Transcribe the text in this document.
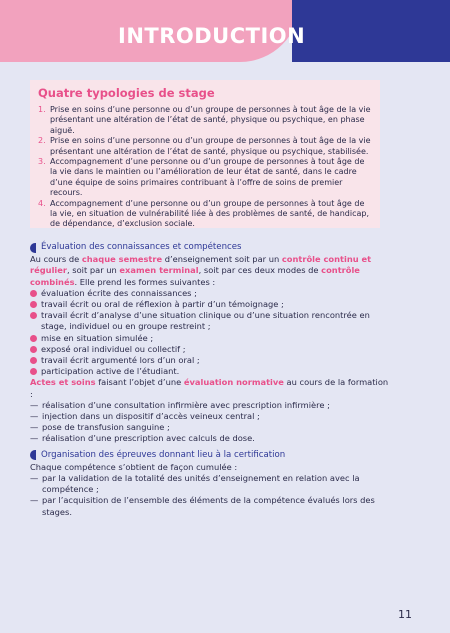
INTRODUCTION
Quatre typologies de stage
1. Prise en soins d’une personne ou d’un groupe de personnes à tout âge de la vie présentant une altération de l’état de santé, physique ou psychique, en phase aiguë.
2. Prise en soins d’une personne ou d’un groupe de personnes à tout âge de la vie présentant une altération de l’état de santé, physique ou psychique, stabilisée.
3. Accompagnement d’une personne ou d’un groupe de personnes à tout âge de la vie dans le maintien ou l’amélioration de leur état de santé, dans le cadre d’une équipe de soins primaires contribuant à l’offre de soins de premier recours.
4. Accompagnement d’une personne ou d’un groupe de personnes à tout âge de la vie, en situation de vulnérabilité liée à des problèmes de santé, de handicap, de dépendance, d’exclusion sociale.
Évaluation des connaissances et compétences

Au cours de chaque semestre d’enseignement soit par un contrôle continu et régulier, soit par un examen terminal, soit par ces deux modes de contrôle combinés. Elle prend les formes suivantes :

évaluation écrite des connaissances ;
travail écrit ou oral de réflexion à partir d’un témoignage ;
travail écrit d’analyse d’une situation clinique ou d’une situation rencontrée en stage, individuel ou en groupe restreint ;
mise en situation simulée ;
exposé oral individuel ou collectif ;
travail écrit argumenté lors d’un oral ;
participation active de l’étudiant.

Actes et soins faisant l’objet d’une évaluation normative au cours de la formation :

— réalisation d’une consultation infirmière avec prescription infirmière ;
— injection dans un dispositif d’accès veineux central ;
— pose de transfusion sanguine ;
— réalisation d’une prescription avec calculs de dose.
Organisation des épreuves donnant lieu à la certification

Chaque compétence s’obtient de façon cumulée :

— par la validation de la totalité des unités d’enseignement en relation avec la compétence ;
— par l’acquisition de l’ensemble des éléments de la compétence évalués lors des stages.
11
